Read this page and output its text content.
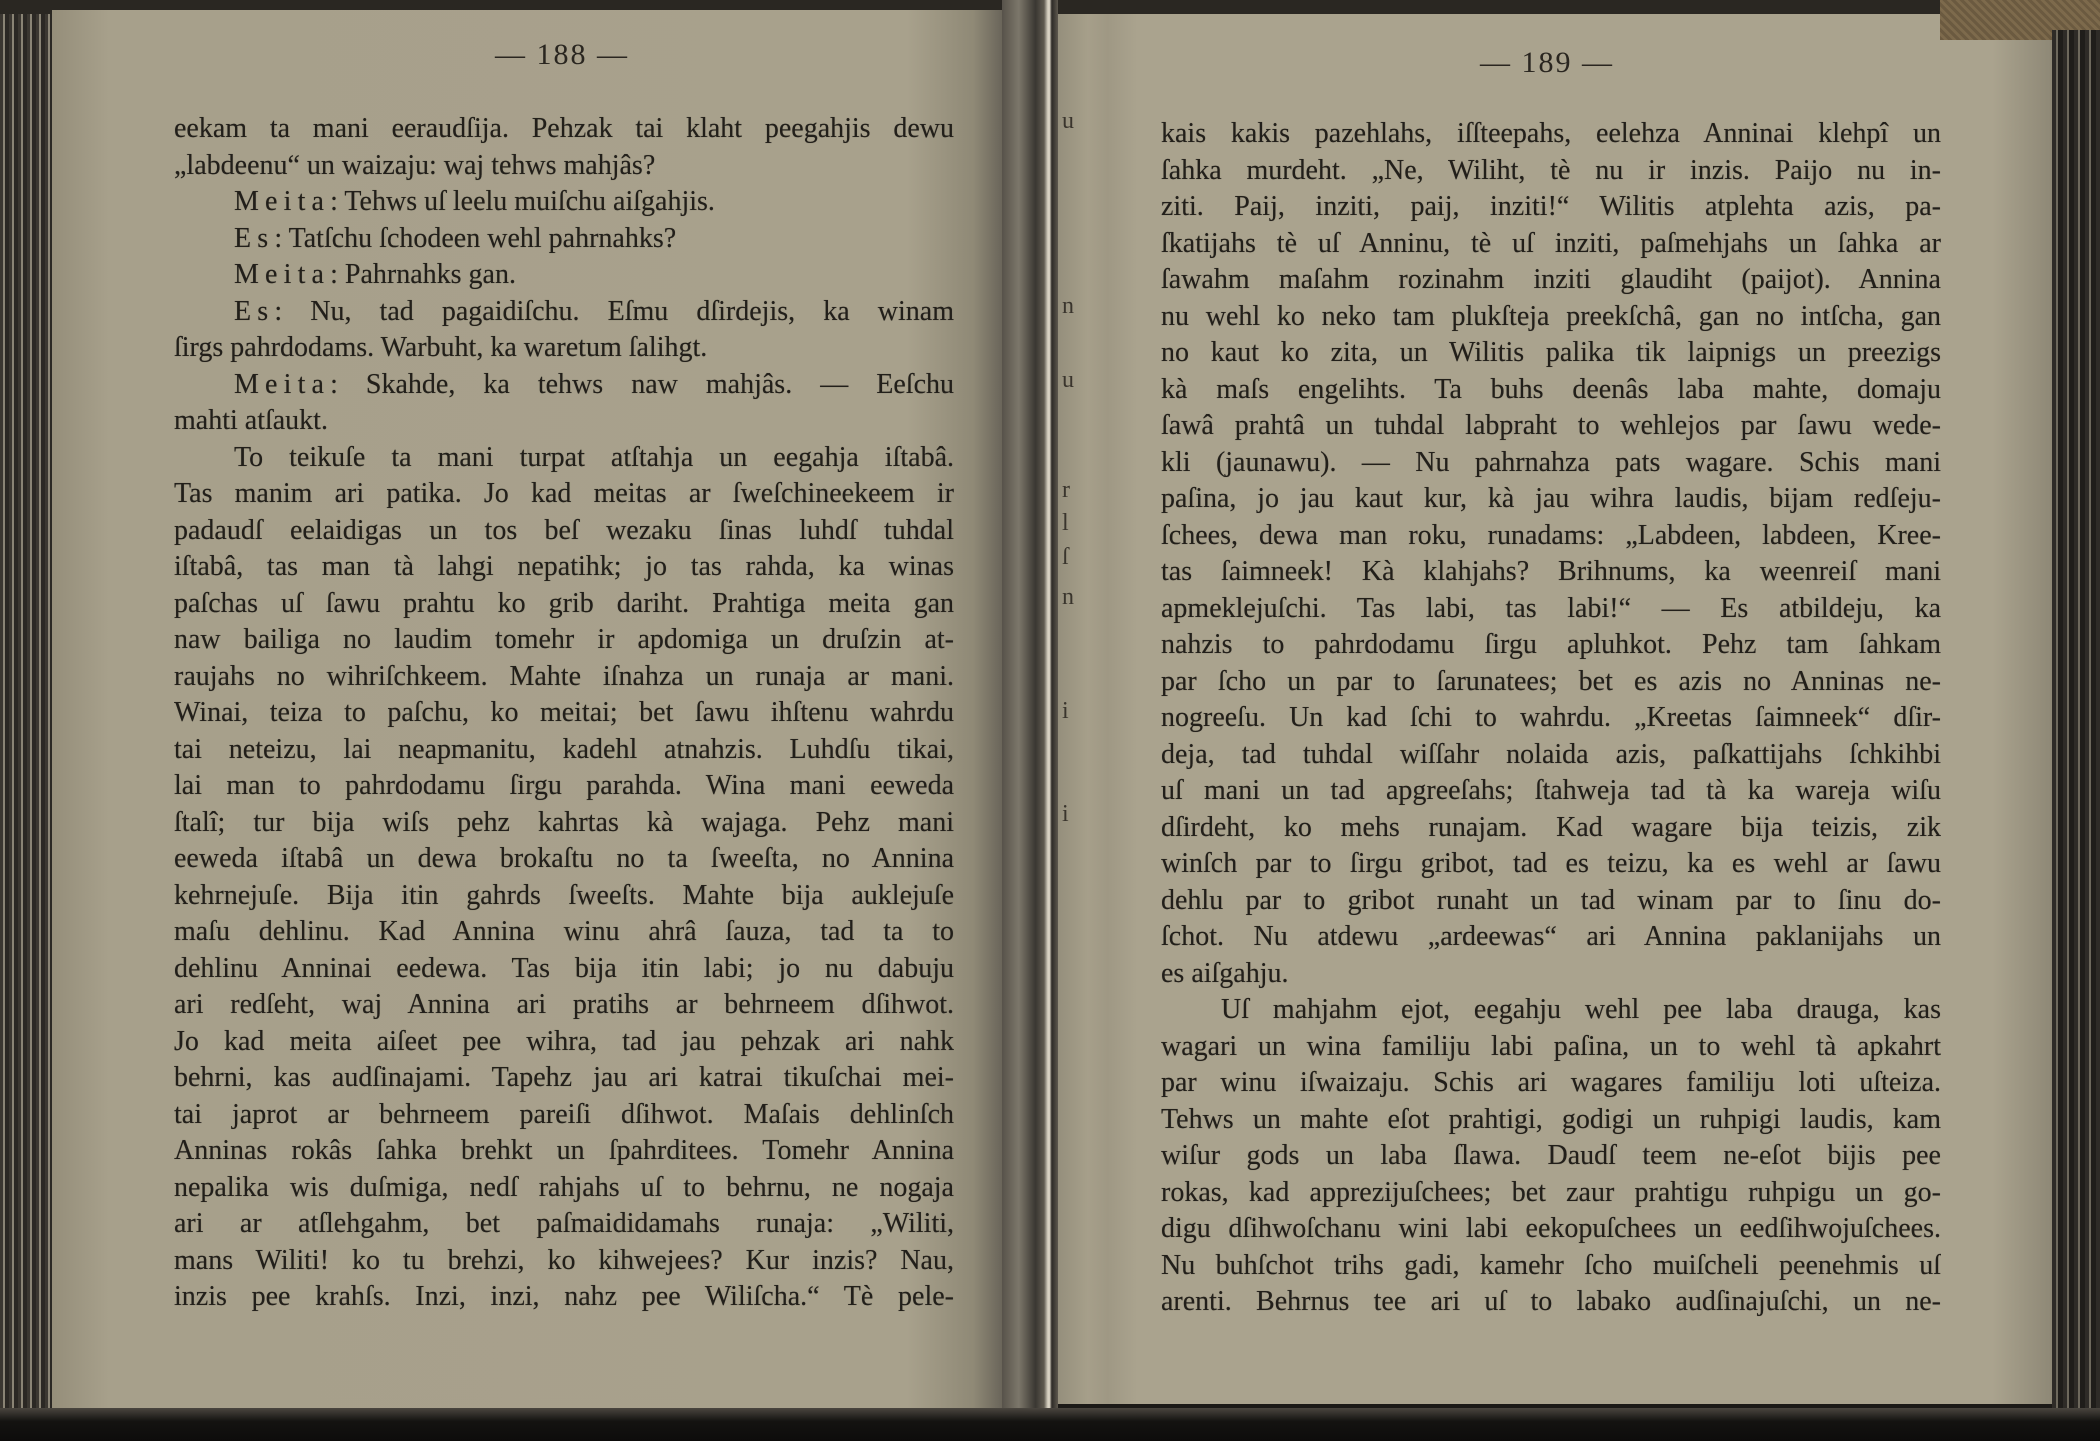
— 188 —
eekam ta mani eeraudſija. Pehzak tai klaht peegahjis dewu
„labdeenu“ un waizaju: waj tehws mahjâs?
Meita: Tehws uſ leelu muiſchu aiſgahjis.
Es: Tatſchu ſchodeen wehl pahrnahks?
Meita: Pahrnahks gan.
Es: Nu, tad pagaidiſchu. Eſmu dſirdejis, ka winam
ſirgs pahrdodams. Warbuht, ka waretum ſalihgt.
Meita: Skahde, ka tehws naw mahjâs. — Eeſchu
mahti atſaukt.
To teikuſe ta mani turpat atſtahja un eegahja iſtabâ.
Tas manim ari patika. Jo kad meitas ar ſweſchineekeem ir
padaudſ eelaidigas un tos beſ wezaku ſinas luhdſ tuhdal
iſtabâ, tas man tà lahgi nepatihk; jo tas rahda, ka winas
paſchas uſ ſawu prahtu ko grib dariht. Prahtiga meita gan
naw bailiga no laudim tomehr ir apdomiga un druſzin at-
raujahs no wihriſchkeem. Mahte iſnahza un runaja ar mani.
Winai, teiza to paſchu, ko meitai; bet ſawu ihſtenu wahrdu
tai neteizu, lai neapmanitu, kadehl atnahzis. Luhdſu tikai,
lai man to pahrdodamu ſirgu parahda. Wina mani eeweda
ſtalî; tur bija wiſs pehz kahrtas kà wajaga. Pehz mani
eeweda iſtabâ un dewa brokaſtu no ta ſweeſta, no Annina
kehrnejuſe. Bija itin gahrds ſweeſts. Mahte bija auklejuſe
maſu dehlinu. Kad Annina winu ahrâ ſauza, tad ta to
dehlinu Anninai eedewa. Tas bija itin labi; jo nu dabuju
ari redſeht, waj Annina ari pratihs ar behrneem dſihwot.
Jo kad meita aiſeet pee wihra, tad jau pehzak ari nahk
behrni, kas audſinajami. Tapehz jau ari katrai tikuſchai mei-
tai japrot ar behrneem pareiſi dſihwot. Maſais dehlinſch
Anninas rokâs ſahka brehkt un ſpahrditees. Tomehr Annina
nepalika wis duſmiga, nedſ rahjahs uſ to behrnu, ne nogaja
ari ar atſlehgahm, bet paſmaididamahs runaja: „Wiliti,
mans Wiliti! ko tu brehzi, ko kihwejees? Kur inzis? Nau,
inzis pee krahſs. Inzi, inzi, nahz pee Wiliſcha.“ Tè pele-
u
n
u
r
l
ſ
n
i
i
— 189 —
kais kakis pazehlahs, iſſteepahs, eelehza Anninai klehpî un
ſahka murdeht. „Ne, Wiliht, tè nu ir inzis. Paijo nu in-
ziti. Paij, inziti, paij, inziti!“ Wilitis atplehta azis, pa-
ſkatijahs tè uſ Anninu, tè uſ inziti, paſmehjahs un ſahka ar
ſawahm maſahm rozinahm inziti glaudiht (paijot). Annina
nu wehl ko neko tam plukſteja preekſchâ, gan no intſcha, gan
no kaut ko zita, un Wilitis palika tik laipnigs un preezigs
kà maſs engelihts. Ta buhs deenâs laba mahte, domaju
ſawâ prahtâ un tuhdal labpraht to wehlejos par ſawu wede-
kli (jaunawu). — Nu pahrnahza pats wagare. Schis mani
paſina, jo jau kaut kur, kà jau wihra laudis, bijam redſeju-
ſchees, dewa man roku, runadams: „Labdeen, labdeen, Kree-
tas ſaimneek! Kà klahjahs? Brihnums, ka weenreiſ mani
apmeklejuſchi. Tas labi, tas labi!“ — Es atbildeju, ka
nahzis to pahrdodamu ſirgu apluhkot. Pehz tam ſahkam
par ſcho un par to ſarunatees; bet es azis no Anninas ne-
nogreeſu. Un kad ſchi to wahrdu. „Kreetas ſaimneek“ dſir-
deja, tad tuhdal wiſſahr nolaida azis, paſkattijahs ſchkihbi
uſ mani un tad apgreeſahs; ſtahweja tad tà ka wareja wiſu
dſirdeht, ko mehs runajam. Kad wagare bija teizis, zik
winſch par to ſirgu gribot, tad es teizu, ka es wehl ar ſawu
dehlu par to gribot runaht un tad winam par to ſinu do-
ſchot. Nu atdewu „ardeewas“ ari Annina paklanijahs un
es aiſgahju.
Uſ mahjahm ejot, eegahju wehl pee laba drauga, kas
wagari un wina familiju labi paſina, un to wehl tà apkahrt
par winu iſwaizaju. Schis ari wagares familiju loti uſteiza.
Tehws un mahte eſot prahtigi, godigi un ruhpigi laudis, kam
wiſur gods un laba ſlawa. Daudſ teem ne-eſot bijis pee
rokas, kad apprezijuſchees; bet zaur prahtigu ruhpigu un go-
digu dſihwoſchanu wini labi eekopuſchees un eedſihwojuſchees.
Nu buhſchot trihs gadi, kamehr ſcho muiſcheli peenehmis uſ
arenti. Behrnus tee ari uſ to labako audſinajuſchi, un ne-
